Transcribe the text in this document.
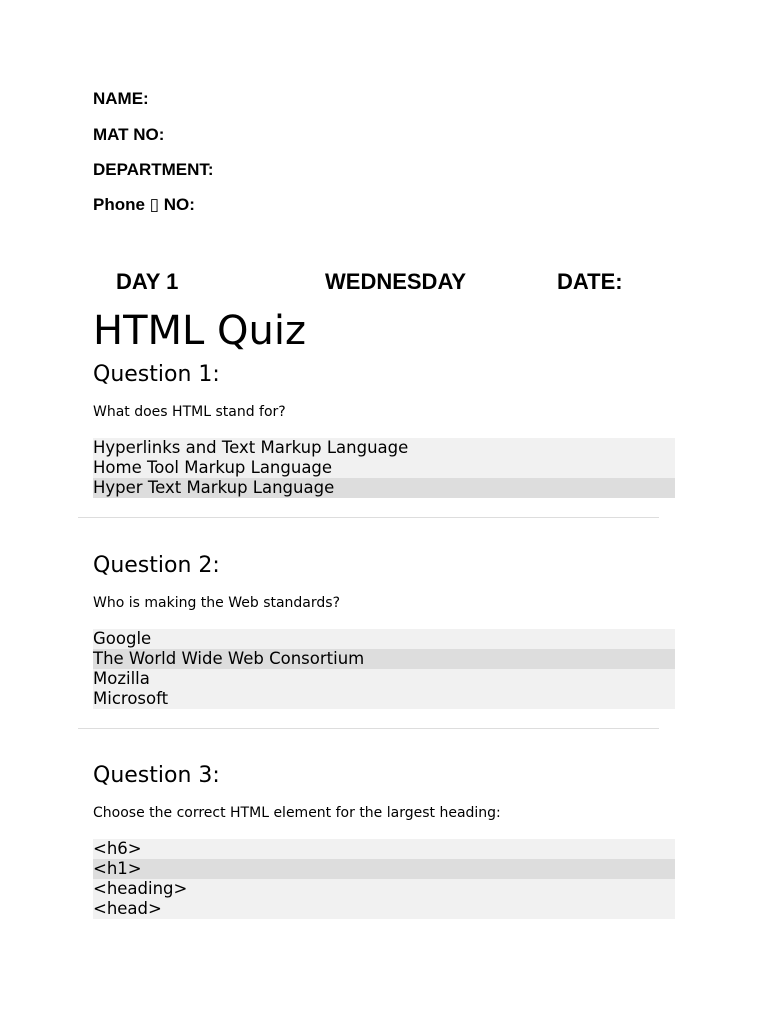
NAME:
MAT NO:
DEPARTMENT:
Phone ▯ NO:
DAY 1	WEDNESDAY	DATE:
HTML Quiz
Question 1:
What does HTML stand for?
Hyperlinks and Text Markup Language
Home Tool Markup Language
Hyper Text Markup Language
Question 2:
Who is making the Web standards?
Google
The World Wide Web Consortium
Mozilla
Microsoft
Question 3:
Choose the correct HTML element for the largest heading:
<h6>
<h1>
<heading>
<head>
